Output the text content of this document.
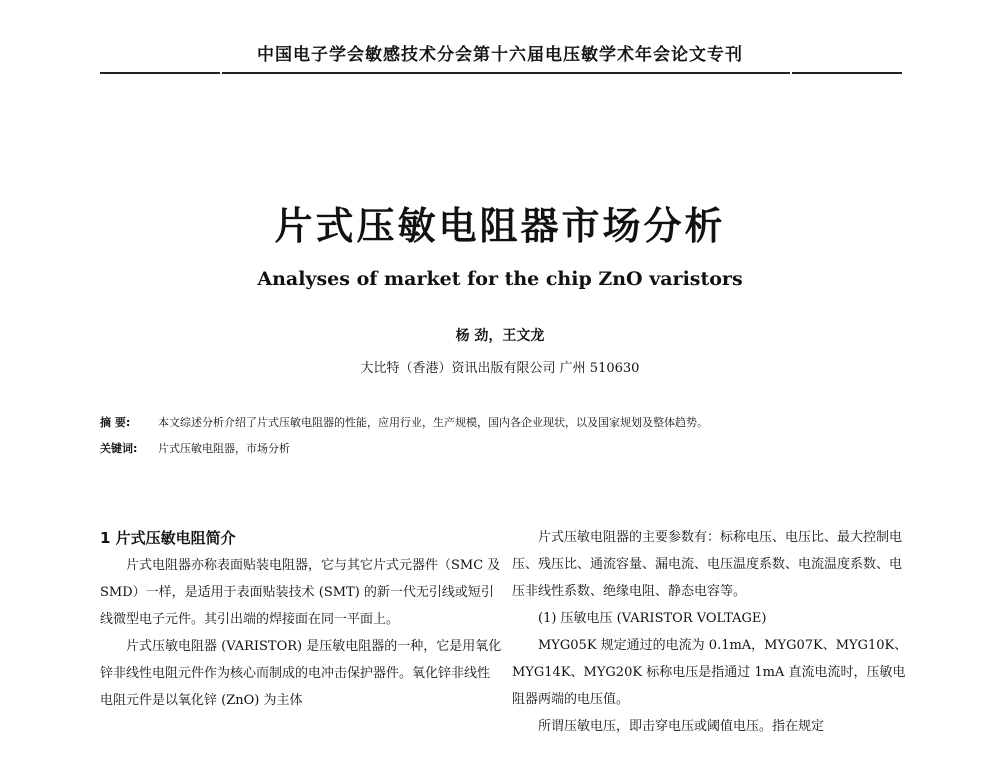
中国电子学会敏感技术分会第十六届电压敏学术年会论文专刊
片式压敏电阻器市场分析
Analyses of market for the chip ZnO varistors
杨 劲，王文龙
大比特（香港）资讯出版有限公司 广州 510630
摘 要:	本文综述分析介绍了片式压敏电阻器的性能，应用行业，生产规模，国内各企业现状，以及国家规划及整体趋势。
关键词: 片式压敏电阻器，市场分析

1 片式压敏电阻简介

片式电阻器亦称表面贴装电阻器，它与其它片式元器件（SMC 及 SMD）一样，是适用于表面贴装技术 (SMT) 的新一代无引线或短引线微型电子元件。其引出端的焊接面在同一平面上。

片式压敏电阻器 (VARISTOR) 是压敏电阻器的一种，它是用氧化锌非线性电阻元件作为核心而制成的电冲击保护器件。氧化锌非线性电阻元件是以氧化锌 (ZnO) 为主体

片式压敏电阻器的主要参数有：标称电压、电压比、最大控制电压、残压比、通流容量、漏电流、电压温度系数、电流温度系数、电压非线性系数、绝缘电阻、静态电容等。

(1) 压敏电压 (VARISTOR VOLTAGE)

MYG05K 规定通过的电流为 0.1mA，MYG07K、MYG10K、MYG14K、MYG20K 标称电压是指通过 1mA 直流电流时，压敏电阻器两端的电压值。

所谓压敏电压，即击穿电压或阈值电压。指在规定
